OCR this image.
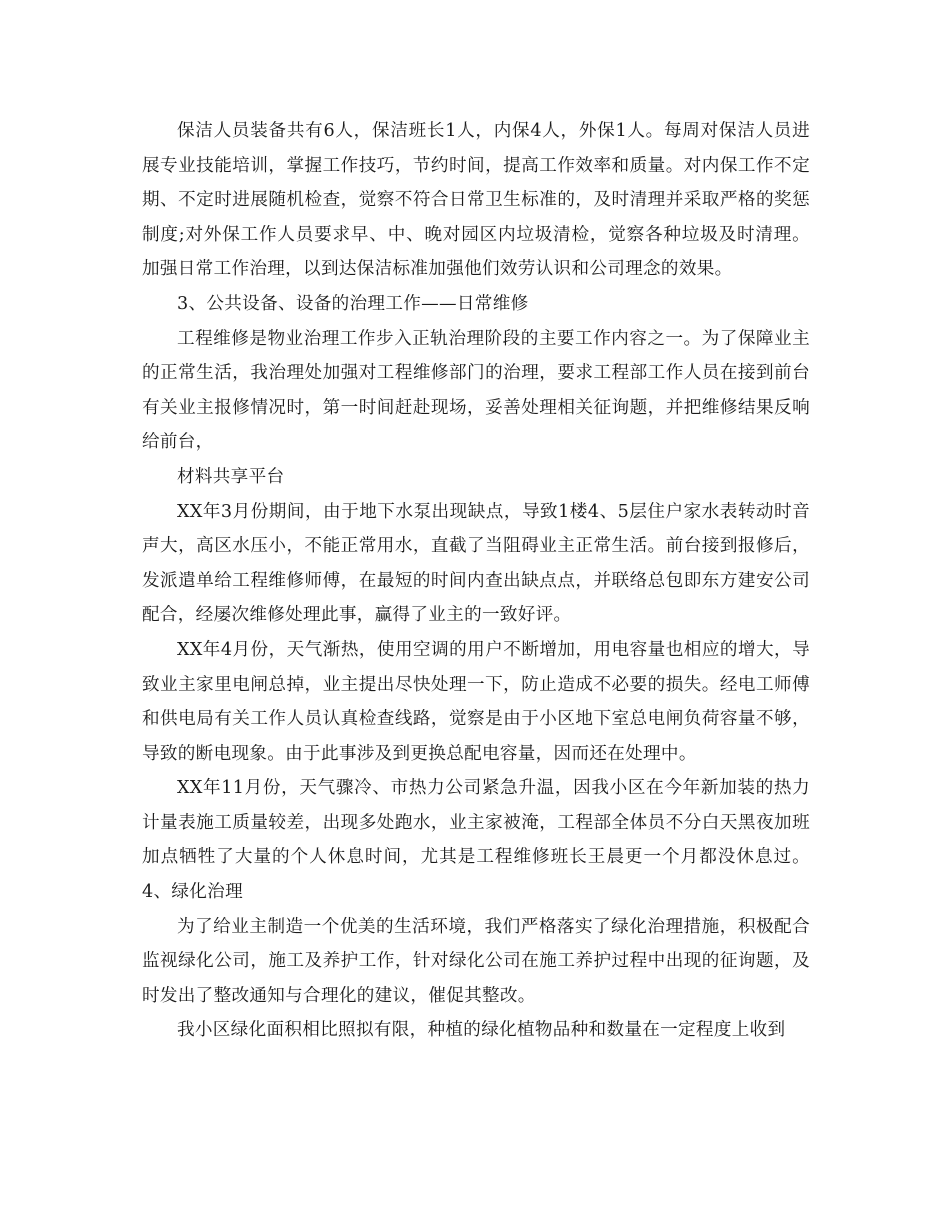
保洁人员装备共有6人，保洁班长1人，内保4人，外保1人。每周对保洁人员进展专业技能培训，掌握工作技巧，节约时间，提高工作效率和质量。对内保工作不定期、不定时进展随机检查，觉察不符合日常卫生标准的，及时清理并采取严格的奖惩制度;对外保工作人员要求早、中、晚对园区内垃圾清检，觉察各种垃圾及时清理。加强日常工作治理，以到达保洁标准加强他们效劳认识和公司理念的效果。

3、公共设备、设备的治理工作——日常维修

工程维修是物业治理工作步入正轨治理阶段的主要工作内容之一。为了保障业主的正常生活，我治理处加强对工程维修部门的治理，要求工程部工作人员在接到前台有关业主报修情况时，第一时间赶赴现场，妥善处理相关征询题，并把维修结果反响给前台，

材料共享平台

XX年3月份期间，由于地下水泵出现缺点，导致1楼4、5层住户家水表转动时音声大，高区水压小，不能正常用水，直截了当阻碍业主正常生活。前台接到报修后，发派遣单给工程维修师傅，在最短的时间内查出缺点点，并联络总包即东方建安公司配合，经屡次维修处理此事，赢得了业主的一致好评。

XX年4月份，天气渐热，使用空调的用户不断增加，用电容量也相应的增大，导致业主家里电闸总掉，业主提出尽快处理一下，防止造成不必要的损失。经电工师傅和供电局有关工作人员认真检查线路，觉察是由于小区地下室总电闸负荷容量不够，导致的断电现象。由于此事涉及到更换总配电容量，因而还在处理中。

XX年11月份，天气骤冷、市热力公司紧急升温，因我小区在今年新加装的热力计量表施工质量较差，出现多处跑水，业主家被淹，工程部全体员不分白天黑夜加班加点牺牲了大量的个人休息时间，尤其是工程维修班长王晨更一个月都没休息过。4、绿化治理

为了给业主制造一个优美的生活环境，我们严格落实了绿化治理措施，积极配合监视绿化公司，施工及养护工作，针对绿化公司在施工养护过程中出现的征询题，及时发出了整改通知与合理化的建议，催促其整改。

我小区绿化面积相比照拟有限，种植的绿化植物品种和数量在一定程度上收到
